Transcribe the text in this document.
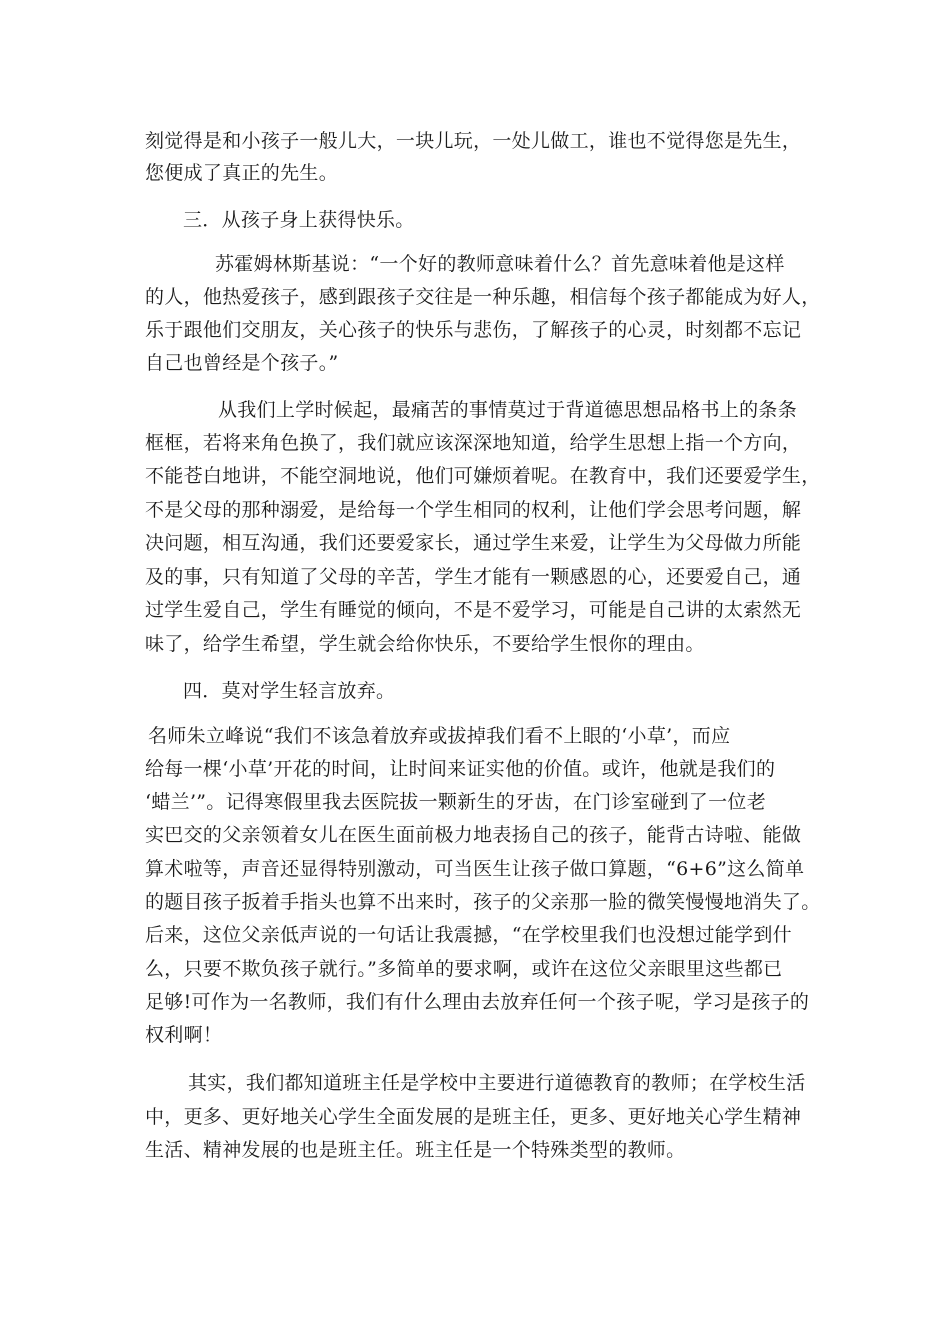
刻觉得是和小孩子一般儿大，一块儿玩，一处儿做工，谁也不觉得您是先生，
您便成了真正的先生。
三．从孩子身上获得快乐。
苏霍姆林斯基说：“一个好的教师意味着什么？首先意味着他是这样
的人，他热爱孩子，感到跟孩子交往是一种乐趣，相信每个孩子都能成为好人，
乐于跟他们交朋友，关心孩子的快乐与悲伤，了解孩子的心灵，时刻都不忘记
自己也曾经是个孩子。”
从我们上学时候起，最痛苦的事情莫过于背道德思想品格书上的条条
框框，若将来角色换了，我们就应该深深地知道，给学生思想上指一个方向，
不能苍白地讲，不能空洞地说，他们可嫌烦着呢。在教育中，我们还要爱学生，
不是父母的那种溺爱，是给每一个学生相同的权利，让他们学会思考问题，解
决问题，相互沟通，我们还要爱家长，通过学生来爱，让学生为父母做力所能
及的事，只有知道了父母的辛苦，学生才能有一颗感恩的心，还要爱自己，通
过学生爱自己，学生有睡觉的倾向，不是不爱学习，可能是自己讲的太索然无
味了，给学生希望，学生就会给你快乐，不要给学生恨你的理由。
四．莫对学生轻言放弃。
名师朱立峰说“我们不该急着放弃或拔掉我们看不上眼的‘小草’，而应
给每一棵‘小草’开花的时间，让时间来证实他的价值。或许，他就是我们的
‘蜡兰’”。记得寒假里我去医院拔一颗新生的牙齿，在门诊室碰到了一位老
实巴交的父亲领着女儿在医生面前极力地表扬自己的孩子，能背古诗啦、能做
算术啦等，声音还显得特别激动，可当医生让孩子做口算题，“6+6”这么简单
的题目孩子扳着手指头也算不出来时，孩子的父亲那一脸的微笑慢慢地消失了。
后来，这位父亲低声说的一句话让我震撼，“在学校里我们也没想过能学到什
么，只要不欺负孩子就行。”多简单的要求啊，或许在这位父亲眼里这些都已
足够!可作为一名教师，我们有什么理由去放弃任何一个孩子呢，学习是孩子的
权利啊！
其实，我们都知道班主任是学校中主要进行道德教育的教师；在学校生活
中，更多、更好地关心学生全面发展的是班主任，更多、更好地关心学生精神
生活、精神发展的也是班主任。班主任是一个特殊类型的教师。
